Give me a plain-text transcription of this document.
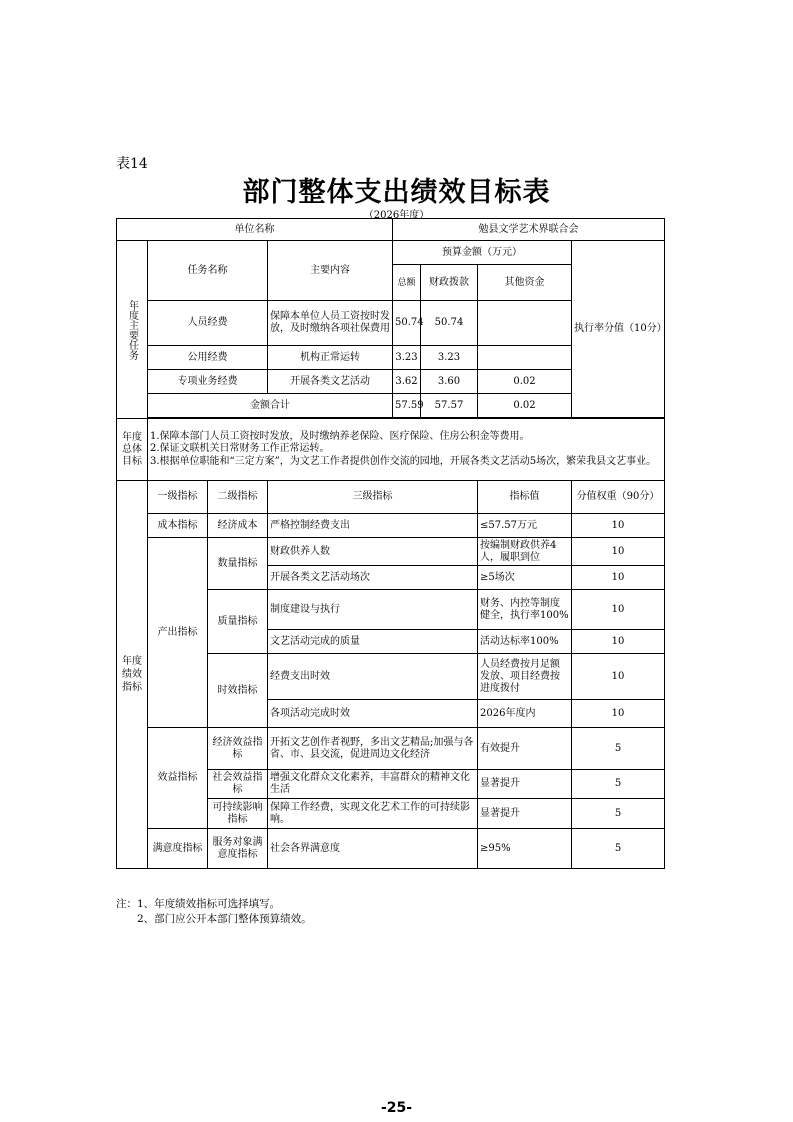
表14
部门整体支出绩效目标表
（2026年度）
单位名称				勉县文学艺术界联合会			
年度主要任务	任务名称		主要内容	预算金额（万元）			执行率分值（10分）
				总额	财政拨款	其他资金	
	人员经费		保障本单位人员工资按时发放，及时缴纳各项社保费用	50.74	50.74		
	公用经费		机构正常运转	3.23	3.23		
	专项业务经费		开展各类文艺活动	3.62	3.60	0.02	
	金额合计			57.59	57.57	0.02	

年度总体目标	1.保障本部门人员工资按时发放，及时缴纳养老保险、医疗保险、住房公积金等费用。
2.保证文联机关日常财务工作正常运转。
3.根据单位职能和“三定方案”，为文艺工作者提供创作交流的园地，开展各类文艺活动5场次，繁荣我县文艺事业。						

年度绩效指标	一级指标	二级指标	三级指标			指标值	分值权重（90分）
	成本指标	经济成本	严格控制经费支出			≤57.57万元	10
	产出指标	数量指标	财政供养人数			按编制财政供养4人，履职到位	10
			开展各类文艺活动场次			≥5场次	10
		质量指标	制度建设与执行			财务、内控等制度健全，执行率100%	10
			文艺活动完成的质量			活动达标率100%	10
		时效指标	经费支出时效			人员经费按月足额发放、项目经费按进度拨付	10
			各项活动完成时效			2026年度内	10
	效益指标	经济效益指标	开拓文艺创作者视野，多出文艺精品;加强与各省、市、县交流，促进周边文化经济			有效提升	5
		社会效益指标	增强文化群众文化素养，丰富群众的精神文化生活			显著提升	5
		可持续影响指标	保障工作经费，实现文化艺术工作的可持续影响。			显著提升	5
	满意度指标	服务对象满意度指标	社会各界满意度			≥95%	5
注：1、年度绩效指标可选择填写。
2、部门应公开本部门整体预算绩效。
-25-
